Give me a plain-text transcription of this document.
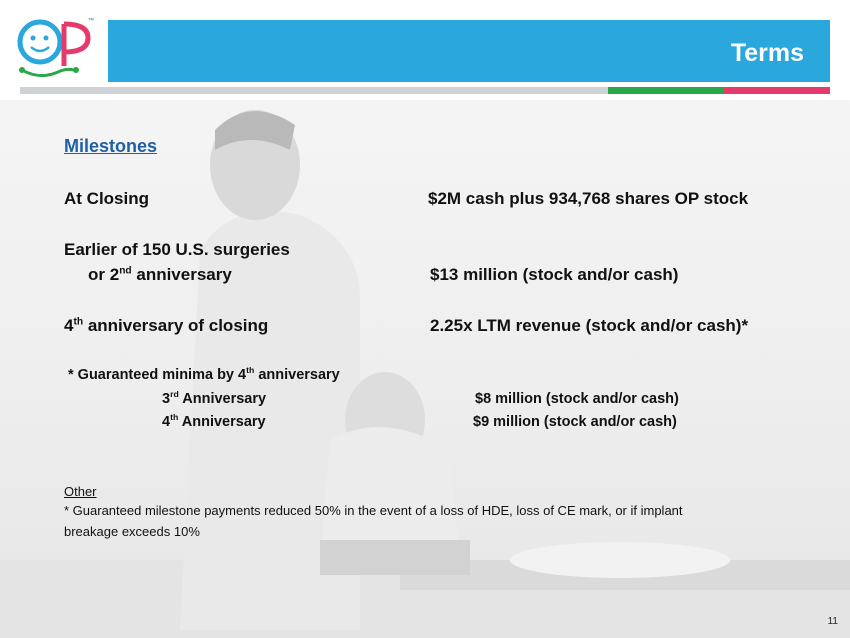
™
Terms
Milestones
At Closing	$2M cash plus 934,768 shares OP stock
Earlier of 150 U.S. surgeries
or 2nd anniversary	$13 million (stock and/or cash)
4th anniversary of closing	2.25x LTM revenue (stock and/or cash)*
* Guaranteed minima by 4th anniversary
3rd Anniversary	$8 million (stock and/or cash)
4th Anniversary	$9 million (stock and/or cash)
Other
* Guaranteed milestone payments reduced 50% in the event of a loss of HDE, loss of CE mark, or if implant
breakage exceeds 10%
11
